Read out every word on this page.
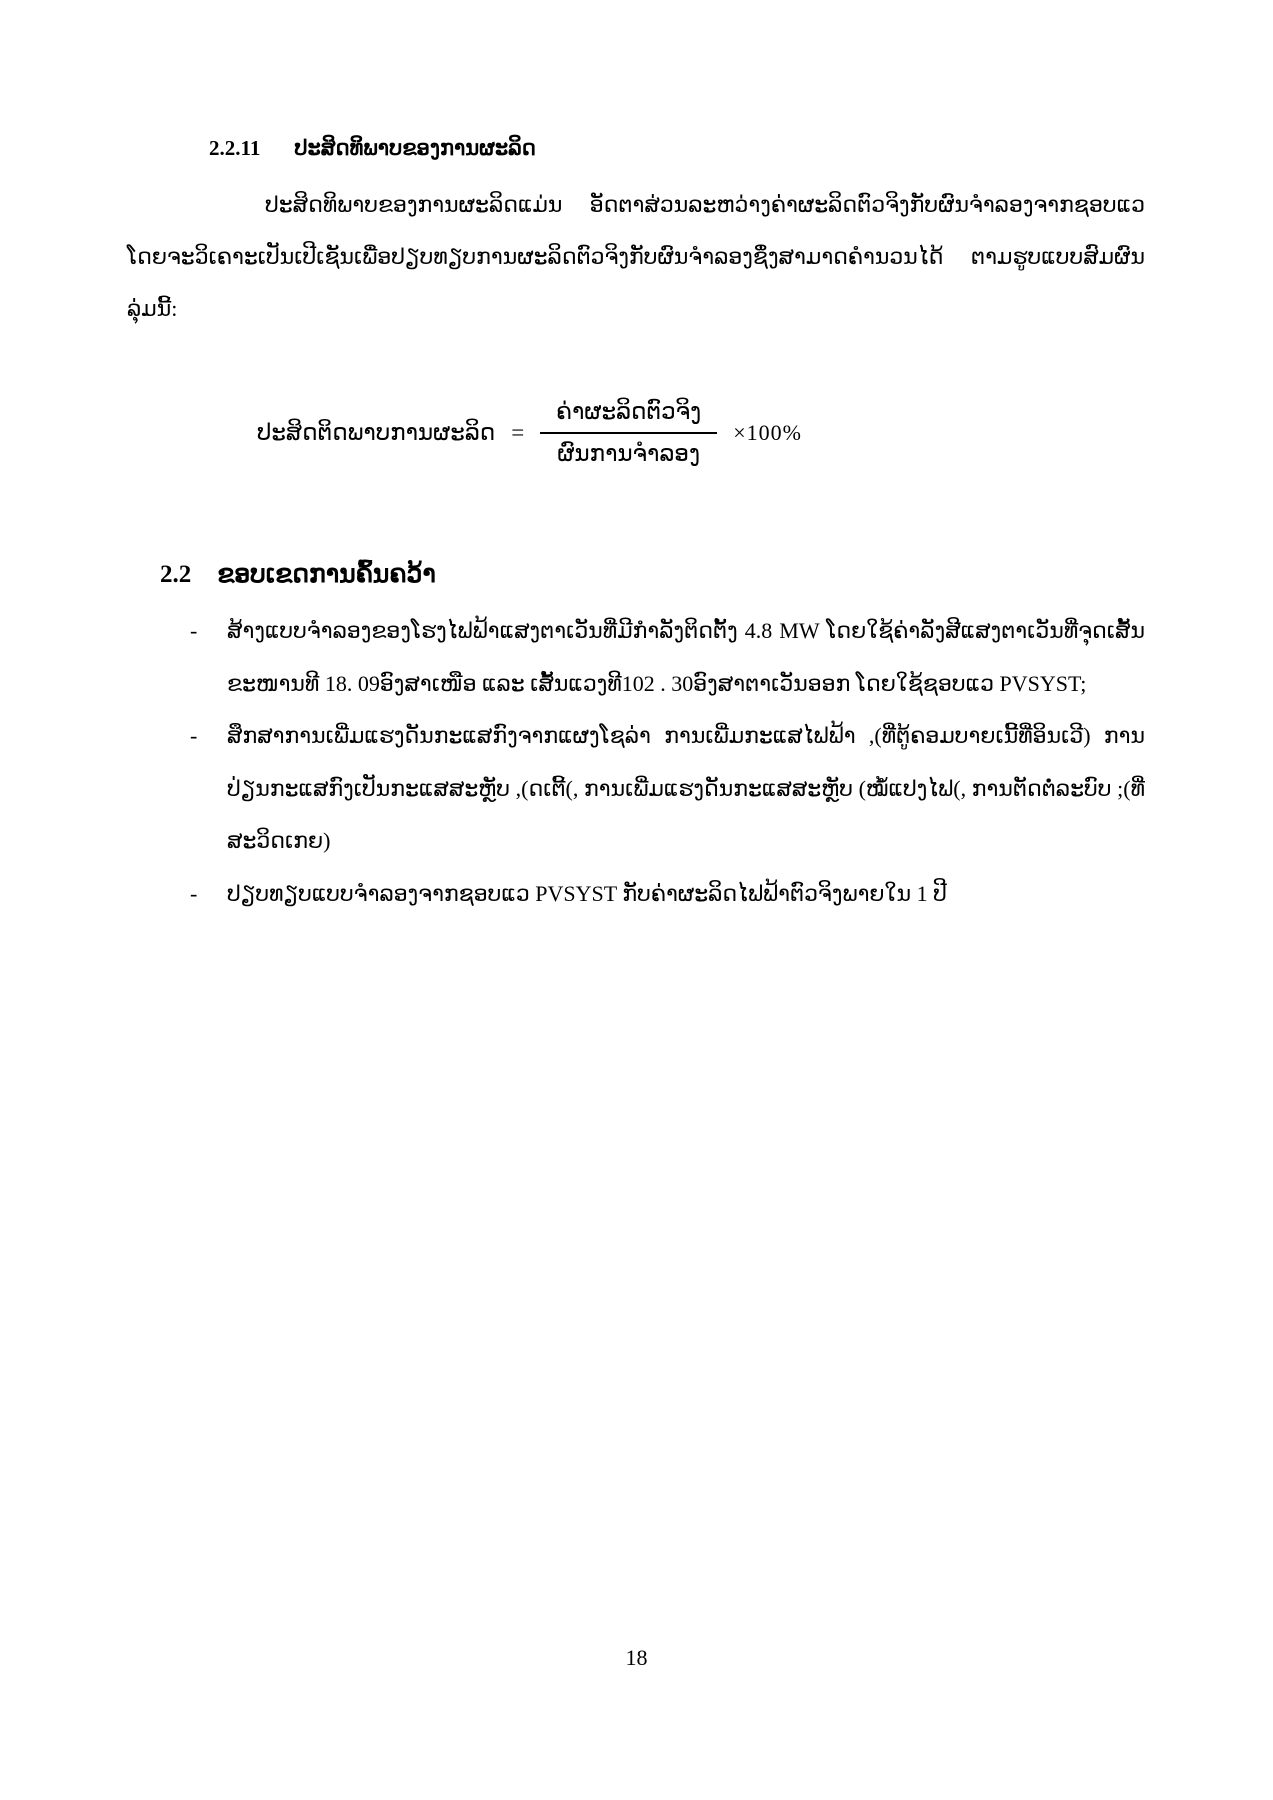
2.2.11 ປະສິດທິພາບຂອງການຜະລິດ

ປະສິດທິພາບຂອງການຜະລິດແມ່ນ ອັດຕາສ່ວນລະຫວ່າງຄ່າຜະລິດຕົວຈິງກັບຜົນຈຳລອງຈາກຊອບແວ ໂດຍຈະວິເຄາະເປັນເປີເຊັນເພື່ອປຽບທຽບການຜະລິດຕົວຈິງກັບຜົນຈຳລອງຊຶ່ງສາມາດຄຳນວນໄດ້ ຕາມຮູບແບບສົມຜົນລຸ່ມນີ້:

ປະສິດຕິດພາບການຜະລິດ = $\frac{\text{ຄ່າຜະລິດຕົວຈິງ}}{\text{ຜົນການຈຳລອງ}} \times 100\%$
2.2 ຂອບເຂດການຄົ້ນຄວ້າ
- ສ້າງແບບຈຳລອງຂອງໂຮງໄຟຟ້າແສງຕາເວັນທີ່ມີກຳລັງຕິດຕັ້ງ 4.8 MW ໂດຍໃຊ້ຄ່າລັງສີແສງຕາເວັນທີ່ຈຸດເສັ້ນຂະໜານທີ 18. 09ອົງສາເໜືອ ແລະ ເສັ້ນແວງທີ102 . 30ອົງສາຕາເວັນອອກ ໂດຍໃຊ້ຊອບແວ PVSYST;
- ສຶກສາການເພີ່ມແຮງດັນກະແສກົງຈາກແຜງໂຊລ່າ ການເພີ່ມກະແສໄຟຟ້າ ,(ທີ່ຕູ້ຄອມບາຍເນີ້ທີ່ອິນເວີ) ການປ່ຽນກະແສກົງເປັນກະແສສະຫຼັບ ,(ດເຕີ້(, ການເພີ່ມແຮງດັນກະແສສະຫຼັບ (ໝໍ້ແປງໄຟ(, ການຕັດຕໍ່ລະບົບ ;(ທີ່ສະວິດເກຍ)
- ປຽບທຽບແບບຈຳລອງຈາກຊອບແວ PVSYST ກັບຄ່າຜະລິດໄຟຟ້າຕົວຈິງພາຍໃນ 1 ປີ
18
